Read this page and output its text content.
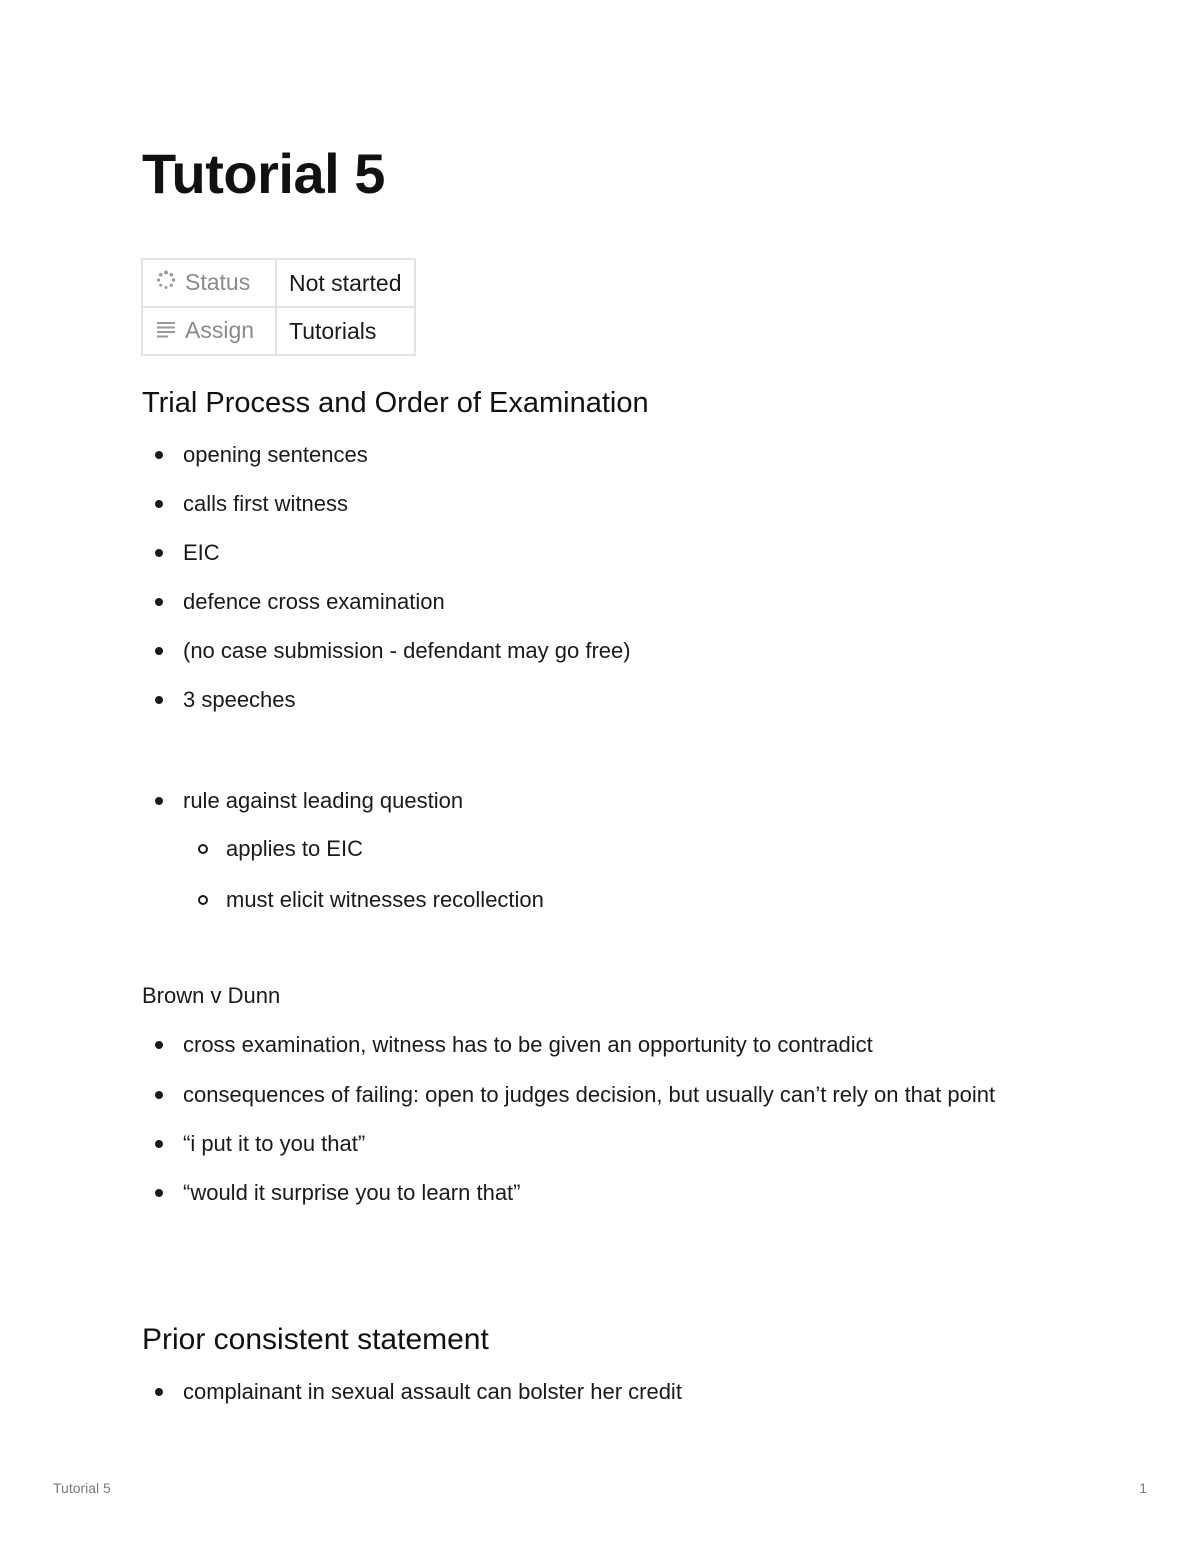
Tutorial 5
Status	Not started
Assign	Tutorials
Trial Process and Order of Examination
opening sentences
calls first witness
EIC
defence cross examination
(no case submission - defendant may go free)
3 speeches
rule against leading question
applies to EIC
must elicit witnesses recollection

Brown v Dunn

cross examination, witness has to be given an opportunity to contradict
consequences of failing: open to judges decision, but usually can’t rely on that point
“i put it to you that”
“would it surprise you to learn that”
Prior consistent statement
complainant in sexual assault can bolster her credit
Tutorial 5	1
